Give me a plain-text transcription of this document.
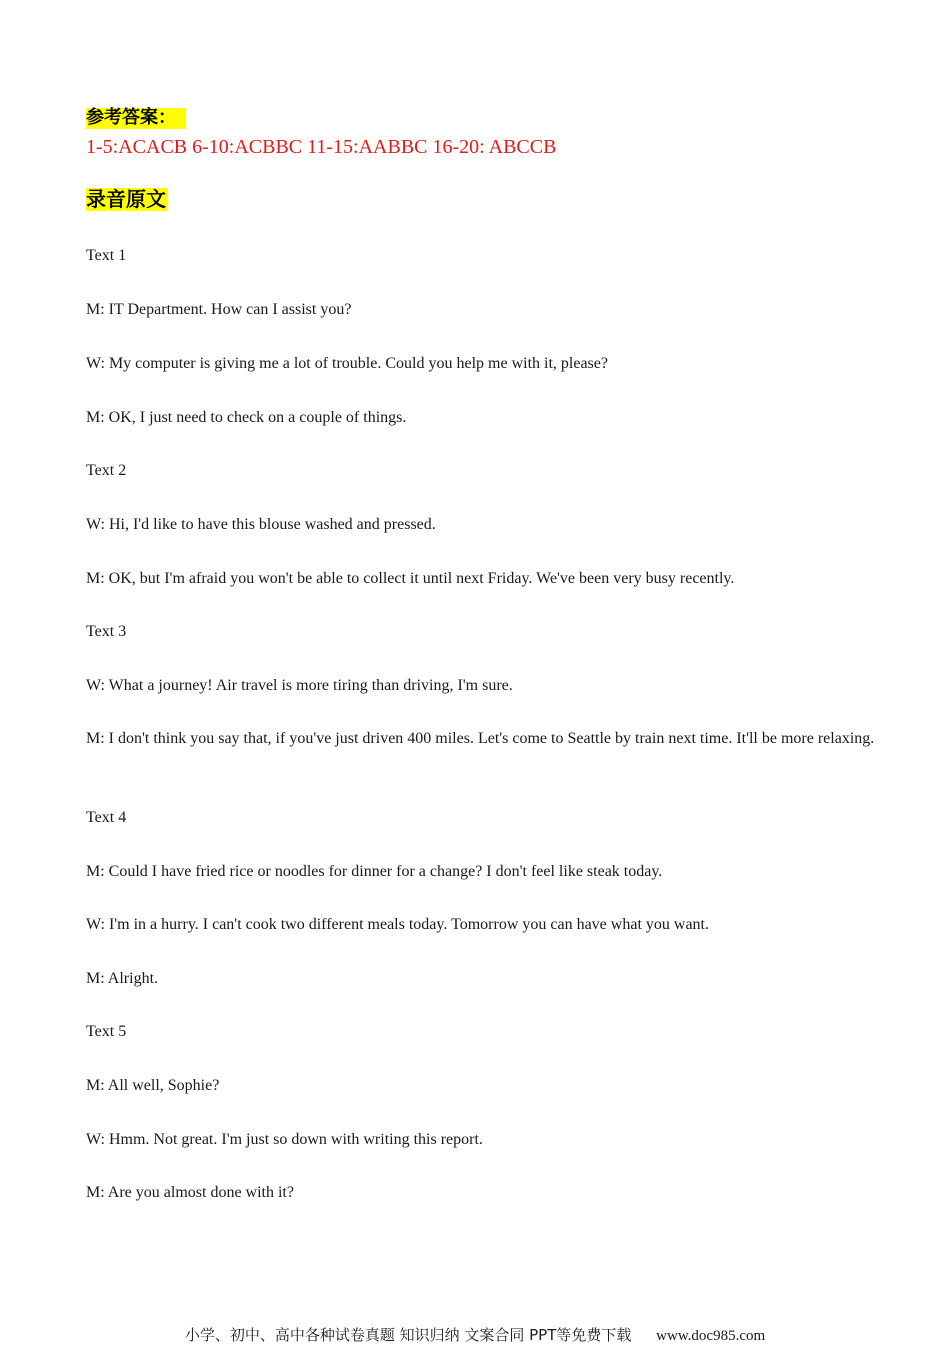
参考答案：
1-5:ACACB 6-10:ACBBC 11-15:AABBC 16-20: ABCCB
录音原文
Text 1
M: IT Department. How can I assist you?
W: My computer is giving me a lot of trouble. Could you help me with it, please?
M: OK, I just need to check on a couple of things.
Text 2
W: Hi, I'd like to have this blouse washed and pressed.
M: OK, but I'm afraid you won't be able to collect it until next Friday. We've been very busy recently.
Text 3
W: What a journey! Air travel is more tiring than driving, I'm sure.
M: I don't think you say that, if you've just driven 400 miles. Let's come to Seattle by train next time. It'll be more relaxing.
Text 4
M: Could I have fried rice or noodles for dinner for a change? I don't feel like steak today.
W: I'm in a hurry. I can't cook two different meals today. Tomorrow you can have what you want.
M: Alright.
Text 5
M: All well, Sophie?
W: Hmm. Not great. I'm just so down with writing this report.
M: Are you almost done with it?
小学、初中、高中各种试卷真题 知识归纳 文案合同 PPT等免费下载 www.doc985.com
